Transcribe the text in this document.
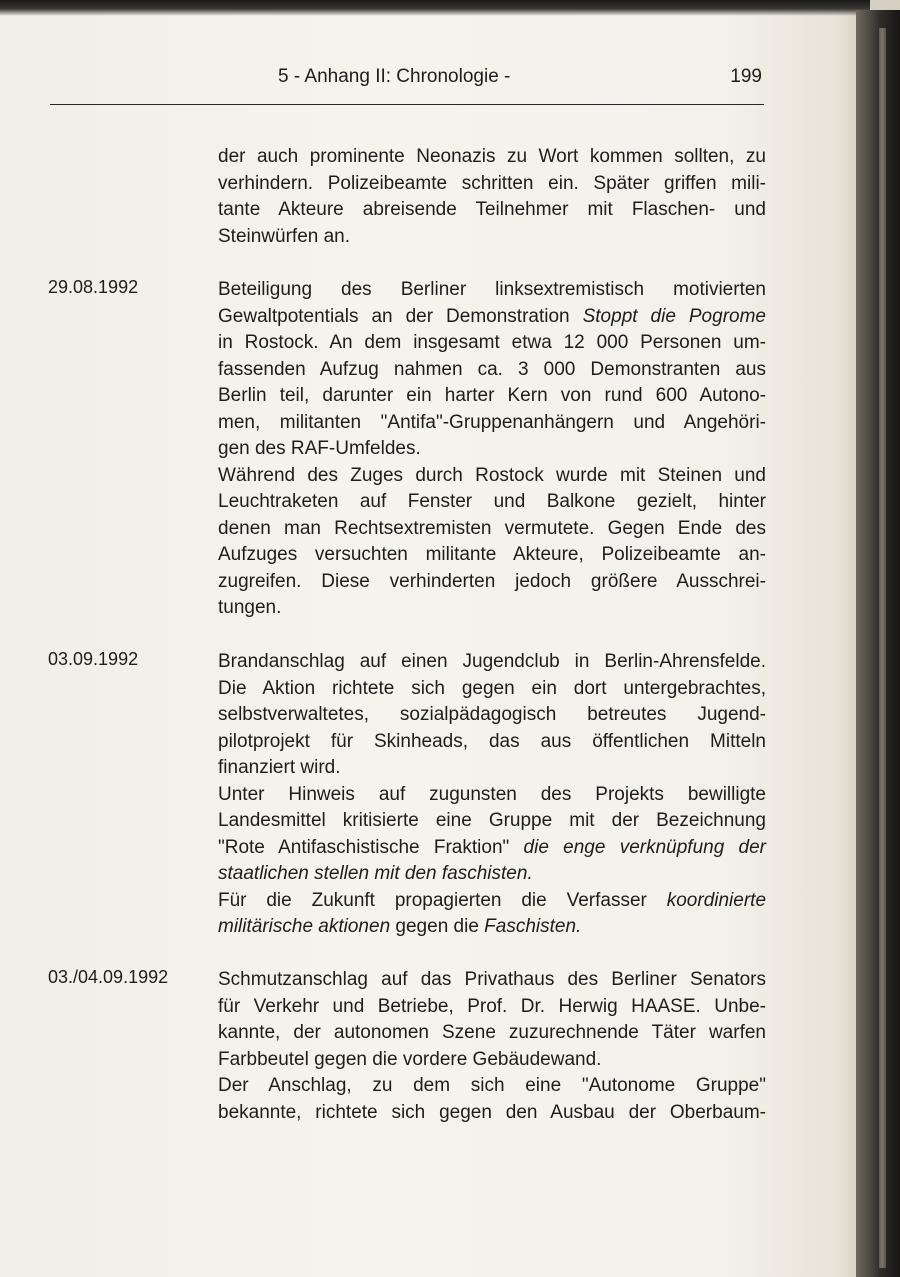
5 - Anhang II: Chronologie -	199
der auch prominente Neonazis zu Wort kommen sollten, zu
verhindern. Polizeibeamte schritten ein. Später griffen mili-
tante Akteure abreisende Teilnehmer mit Flaschen- und
Steinwürfen an.
29.08.1992	Beteiligung des Berliner linksextremistisch motivierten
Gewaltpotentials an der Demonstration Stoppt die Pogrome
in Rostock. An dem insgesamt etwa 12 000 Personen um-
fassenden Aufzug nahmen ca. 3 000 Demonstranten aus
Berlin teil, darunter ein harter Kern von rund 600 Autono-
men, militanten "Antifa"-Gruppenanhängern und Angehöri-
gen des RAF-Umfeldes.
Während des Zuges durch Rostock wurde mit Steinen und
Leuchtraketen auf Fenster und Balkone gezielt, hinter
denen man Rechtsextremisten vermutete. Gegen Ende des
Aufzuges versuchten militante Akteure, Polizeibeamte an-
zugreifen. Diese verhinderten jedoch größere Ausschrei-
tungen.
03.09.1992	Brandanschlag auf einen Jugendclub in Berlin-Ahrensfelde.
Die Aktion richtete sich gegen ein dort untergebrachtes,
selbstverwaltetes, sozialpädagogisch betreutes Jugend-
pilotprojekt für Skinheads, das aus öffentlichen Mitteln
finanziert wird.
Unter Hinweis auf zugunsten des Projekts bewilligte
Landesmittel kritisierte eine Gruppe mit der Bezeichnung
"Rote Antifaschistische Fraktion" die enge verknüpfung der
staatlichen stellen mit den faschisten.
Für die Zukunft propagierten die Verfasser koordinierte
militärische aktionen gegen die Faschisten.
03./04.09.1992	Schmutzanschlag auf das Privathaus des Berliner Senators
für Verkehr und Betriebe, Prof. Dr. Herwig HAASE. Unbe-
kannte, der autonomen Szene zuzurechnende Täter warfen
Farbbeutel gegen die vordere Gebäudewand.
Der Anschlag, zu dem sich eine "Autonome Gruppe"
bekannte, richtete sich gegen den Ausbau der Oberbaum-
